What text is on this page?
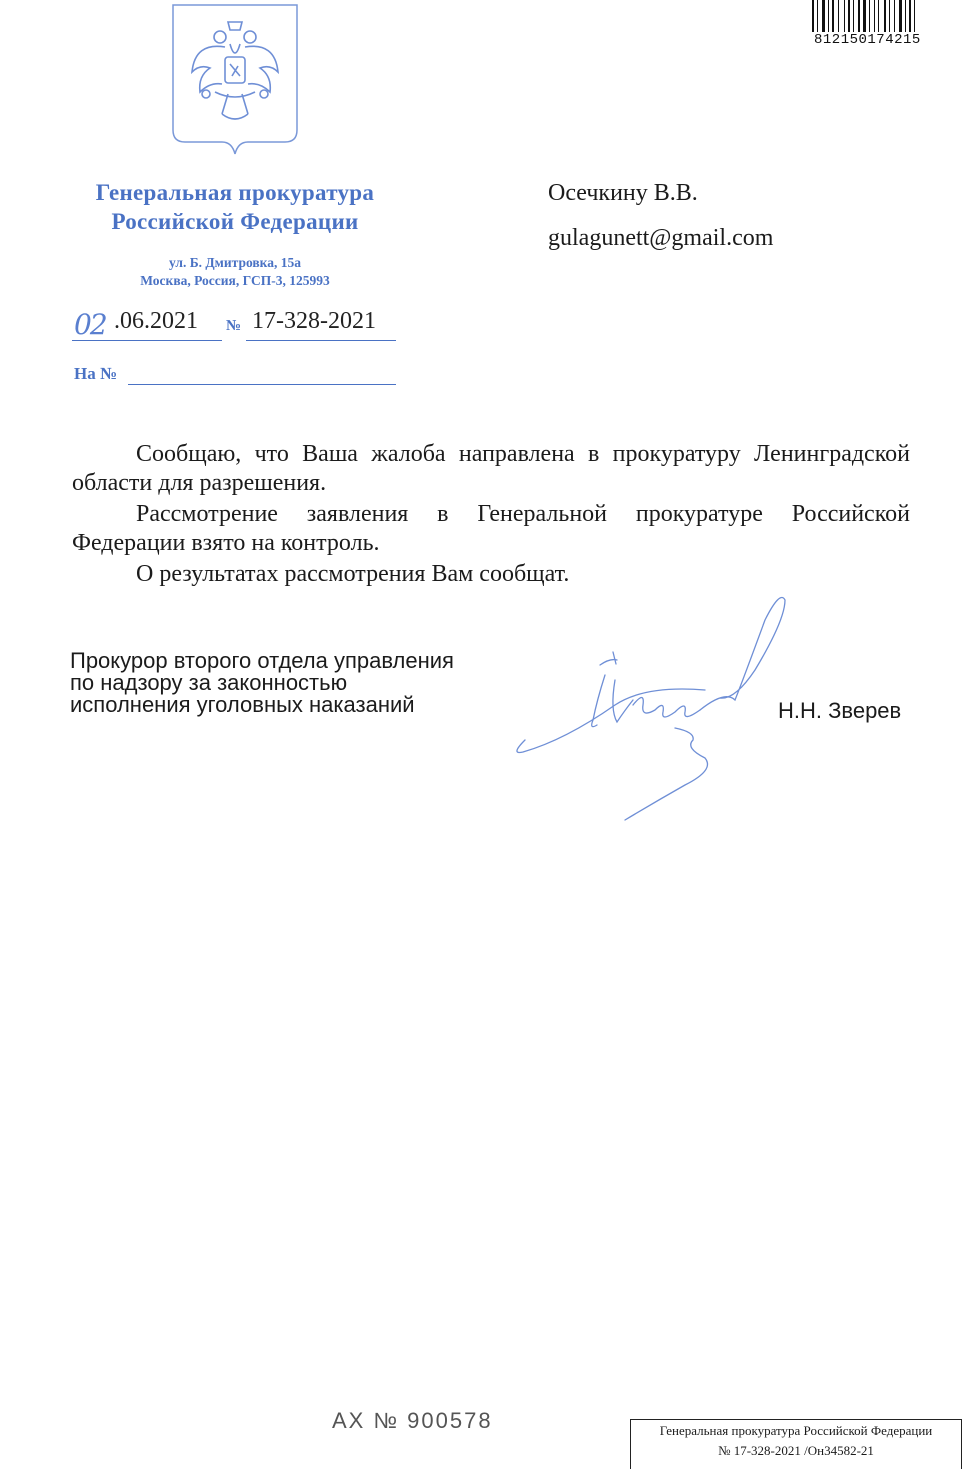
812150174215
Генеральная прокуратура
Российской Федерации
ул. Б. Дмитровка, 15а
Москва, Россия, ГСП-3, 125993
02 .06.2021 № 17-328-2021
На №
Осечкину В.В.
gulagunett@gmail.com

Сообщаю, что Ваша жалоба направлена в прокуратуру Ленинградской области для разрешения.

Рассмотрение заявления в Генеральной прокуратуре Российской Федерации взято на контроль.

О результатах рассмотрения Вам сообщат.

Прокурор второго отдела управления
по надзору за законностью
исполнения уголовных наказаний	Н.Н. Зверев
АХ № 900578	Генеральная прокуратура Российской Федерации
№ 17-328-2021 /Он34582-21
